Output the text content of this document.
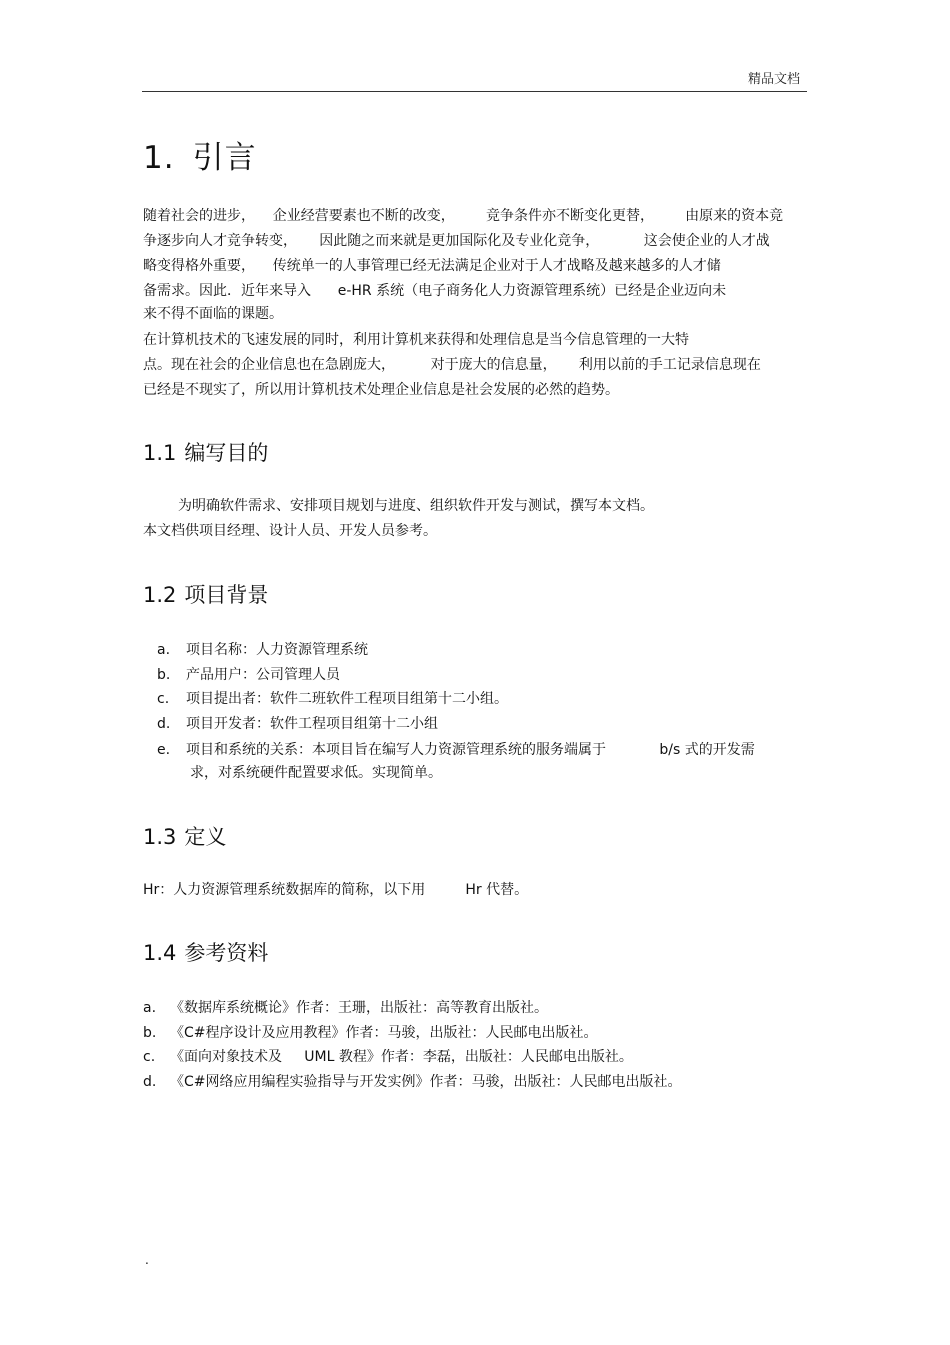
精品文档
1. 引言
随着社会的进步，    企业经营要素也不断的改变，       竞争条件亦不断变化更替，       由原来的资本竞
争逐步向人才竞争转变，     因此随之而来就是更加国际化及专业化竞争，          这会使企业的人才战
略变得格外重要，    传统单一的人事管理已经无法满足企业对于人才战略及越来越多的人才储
备需求。因此．近年来导入      e-HR 系统（电子商务化人力资源管理系统）已经是企业迈向未
来不得不面临的课题。
在计算机技术的飞速发展的同时，利用计算机来获得和处理信息是当今信息管理的一大特
点。现在社会的企业信息也在急剧庞大，        对于庞大的信息量，     利用以前的手工记录信息现在
已经是不现实了，所以用计算机技术处理企业信息是社会发展的必然的趋势。
1.1 编写目的
为明确软件需求、安排项目规划与进度、组织软件开发与测试，撰写本文档。
本文档供项目经理、设计人员、开发人员参考。
1.2 项目背景

a.

项目名称：人力资源管理系统

b.

产品用户：公司管理人员

c.

项目提出者：软件二班软件工程项目组第十二小组。

d.

项目开发者：软件工程项目组第十二小组

e.

项目和系统的关系：本项目旨在编写人力资源管理系统的服务端属于            b/s 式的开发需

求，对系统硬件配置要求低。实现简单。

1.3 定义
Hr：人力资源管理系统数据库的简称，以下用         Hr 代替。
1.4 参考资料

a.

《数据库系统概论》作者：王珊，出版社：高等教育出版社。

b.

《C#程序设计及应用教程》作者：马骏，出版社：人民邮电出版社。

c.

《面向对象技术及     UML 教程》作者：李磊，出版社：人民邮电出版社。

d.

《C#网络应用编程实验指导与开发实例》作者：马骏，出版社：人民邮电出版社。

.
